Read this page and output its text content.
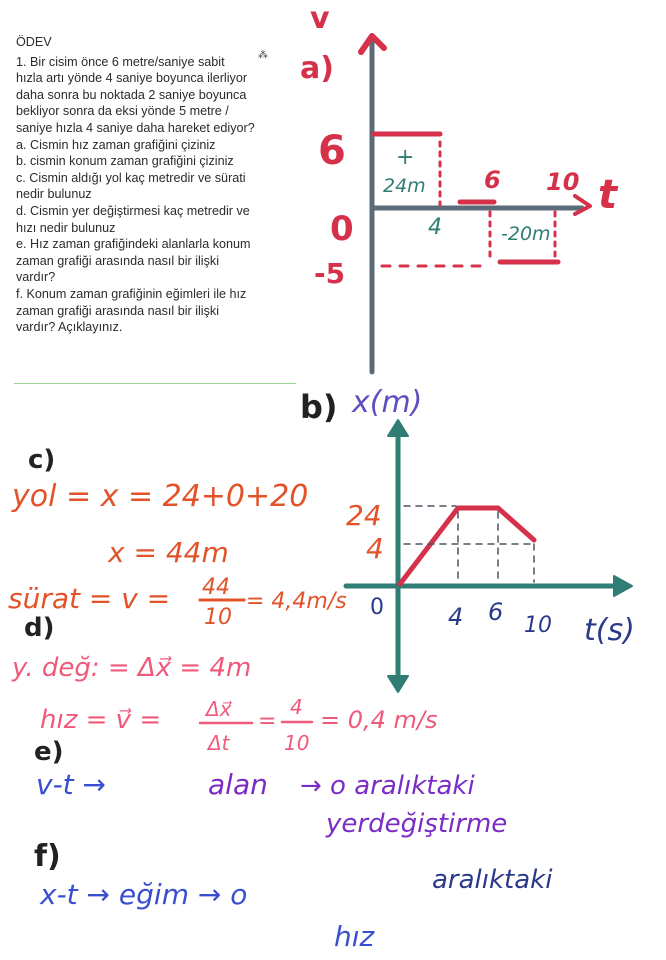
ÖDEV
1. Bir cisim önce 6 metre/saniye sabit
hızla artı yönde 4 saniye boyunca ilerliyor
daha sonra bu noktada 2 saniye boyunca
bekliyor sonra da eksi yönde 5 metre /
saniye hızla 4 saniye daha hareket ediyor?
a. Cismin hız zaman grafiğini çiziniz
b. cismin konum zaman grafiğini çiziniz
c. Cismin aldığı yol kaç metredir ve sürati
nedir bulunuz
d. Cismin yer değiştirmesi kaç metredir ve
hızı nedir bulunuz
e. Hız zaman grafiğindeki alanlarla konum
zaman grafiği arasında nasıl bir ilişki
vardır?
f. Konum zaman grafiğinin eğimleri ile hız
zaman grafiği arasında nasıl bir ilişki
vardır? Açıklayınız.
⁂
v
a)
6
0
-5
+
24m
4
6 10 t
-20m
b) x(m)
24
4
0	4 6 10 t(s)
c)
yol = x = 24+0+20
x = 44m
sürat = v = 44
10
= 4,4m/s
d)
y. değ: = Δx⃗ = 4m
hız = v⃗ = Δx⃗
Δt
=
4
10
= 0,4 m/s
e)
v-t →	alan → o aralıktaki
yerdeğiştirme
f)
x-t → eğim → o	aralıktaki
hız
